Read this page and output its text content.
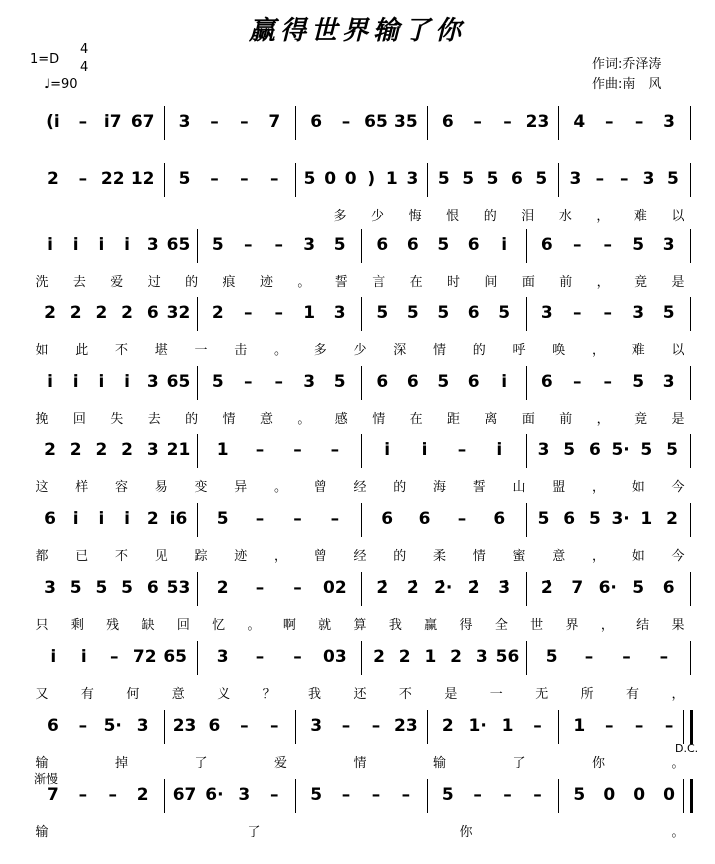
赢得世界输了你
1=D
4
4
♩=90
作词:乔泽涛
作曲:南　风
(i̇ – i̇7 67 3 – – 7 6 – 65 35 6 – – 23 4 – – 3
2 – 22 12 5 – – – 5 0 0 ) 1 3 5 5 5 6 5 3 – – 3 5
多 少 悔 恨 的 泪 水 ， 难 以
i̇ i̇ i̇ i̇ 3 65 5 – – 3 5 6 6 5 6 i̇ 6 – – 5 3
洗 去 爱 过 的 痕 迹 。 誓 言 在 时 间 面 前 ， 竟 是
2 2 2 2 6 32 2 – – 1 3 5 5 5 6 5 3 – – 3 5
如 此 不 堪 一 击 。 多 少 深 情 的 呼 唤 ， 难 以
i̇ i̇ i̇ i̇ 3 65 5 – – 3 5 6 6 5 6 i̇ 6 – – 5 3
挽 回 失 去 的 情 意 。 感 情 在 距 离 面 前 ， 竟 是
2 2 2 2 3 21 1 – – –	i̇ i̇ – i̇ 3 5 6 5· 5 5
这 样 容 易 变 异 。 曾 经 的 海 誓 山 盟 ， 如 今
6 i̇ i̇ i̇ 2 i̇6 5 – – – 6 6 – 6 5 6 5 3· 1 2
都 已 不 见 踪 迹 ， 曾 经 的 柔 情 蜜 意 ， 如 今
3 5 5 5 6 53 2 – – 02 2̇ 2̇ 2̇· 2̇ 3̇ 2̇ 7 6· 5 6
只 剩 残 缺 回 忆 。 啊 就 算 我 赢 得 全 世 界 ， 结 果
i̇ i̇ – 72 65 3 – – 03 2 2 1 2 3 56 5 – – –
又 有 何 意 义 ？ 我 还 不 是 一 无 所 有 ，
6 – 5· 3 23 6 – – 3 – – 23 2 1· 1 – 1 – – –
输	掉	了	爱	情	输	了	你	。
7 – – 2 67 6· 3 – 5 – – – 5 – – – 5 0 0 0
输	了	你	。
D.C.
渐慢
